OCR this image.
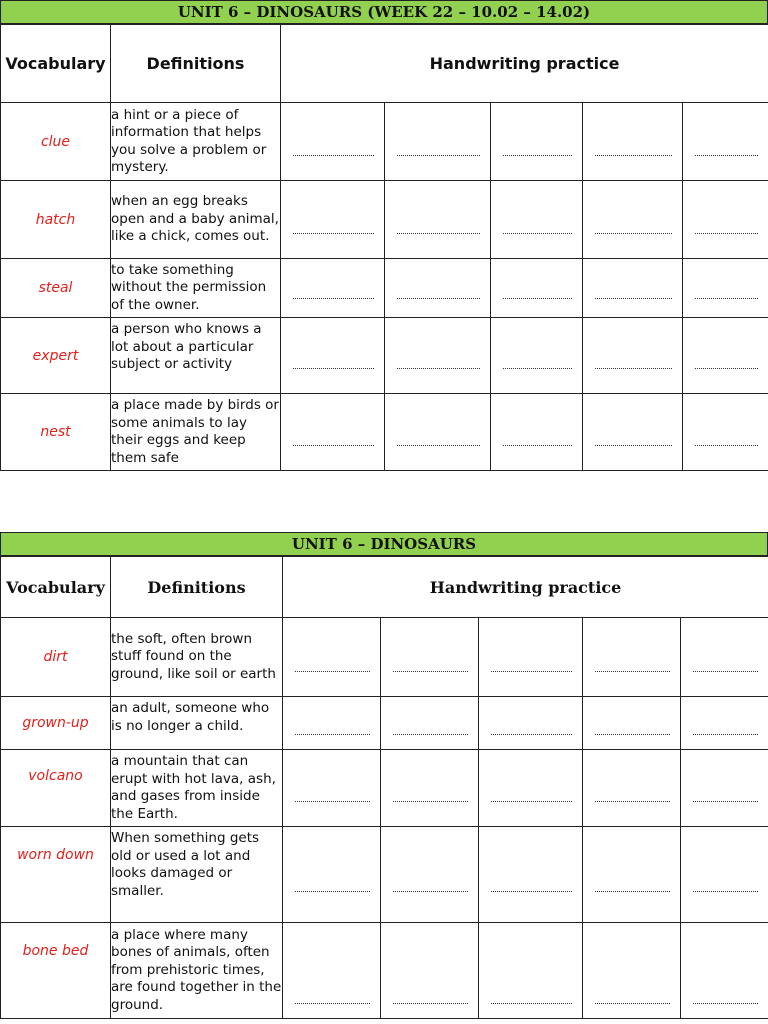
UNIT 6 – DINOSAURS (WEEK 22 – 10.02 – 14.02)
Vocabulary	Definitions	Handwriting practice				
clue	a hint or a piece of information that helps you solve a problem or mystery.					

hatch	when an egg breaks open and a baby animal, like a chick, comes out.					

steal	to take something without the permission of the owner.					

expert	a person who knows a lot about a particular subject or activity					

nest	a place made by birds or some animals to lay their eggs and keep them safe					

UNIT 6 – DINOSAURS
Vocabulary	Definitions	Handwriting practice				
dirt	the soft, often brown stuff found on the ground, like soil or earth					

grown-up	an adult, someone who is no longer a child.					

volcano	a mountain that can erupt with hot lava, ash, and gases from inside the Earth.					

worn down	When something gets old or used a lot and looks damaged or smaller.					

bone bed	a place where many bones of animals, often from prehistoric times, are found together in the ground.					
